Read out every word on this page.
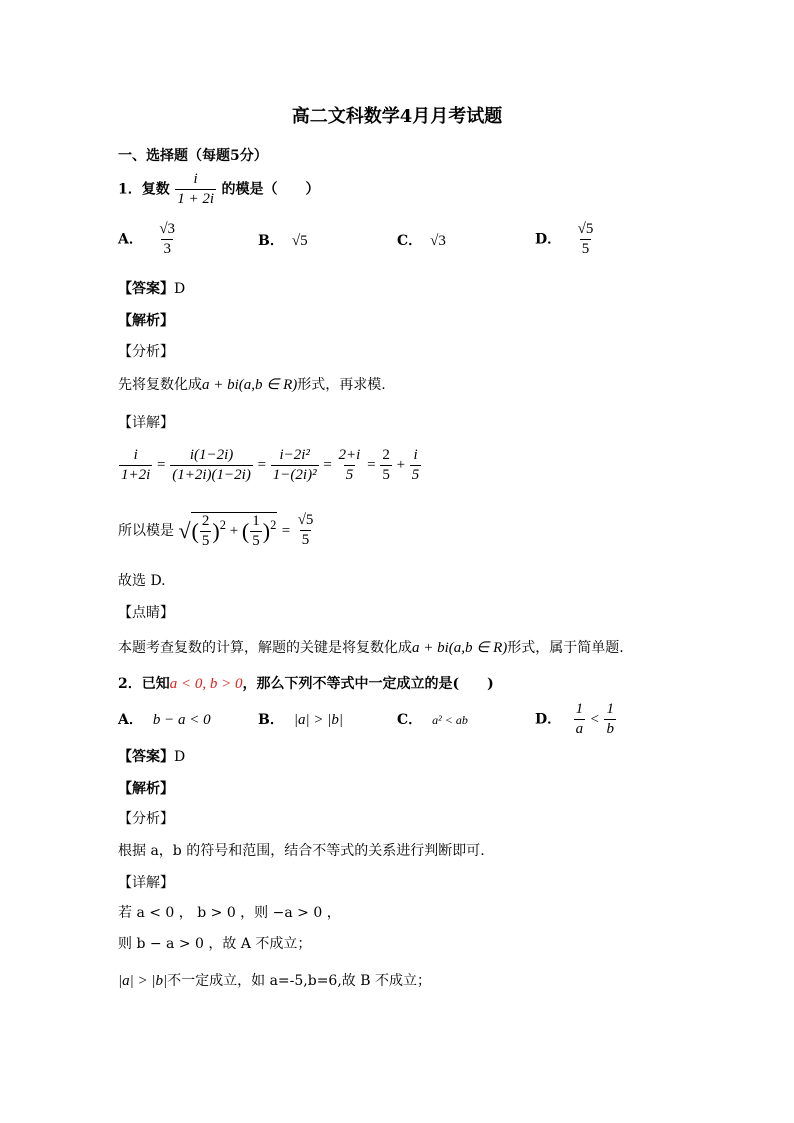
高二文科数学4月月考试题
一、选择题（每题5分）
1．复数 $\frac{i}{1 + 2i}$ 的模是（　　）
A． $\frac{√3}{3}$	B． √5	C． √3	D． $\frac{√5}{5}$
【答案】D
【解析】
【分析】
先将复数化成a + bi(a,b ∈ R)形式，再求模.
【详解】
$\frac{i}{1+2i} = \frac{i(1-2i)}{(1+2i)(1-2i)} = \frac{\text{i−2i²}}{\text{1−(2i)²}} = \frac{2+i}{5} = \frac{2}{5} + \frac{i}{5}$
所以模是 √( $\frac{2}{5} )^2$ + ( $\frac{1}{5} )^2 = \frac{√5}{5}$
故选 D.
【点睛】
本题考查复数的计算，解题的关键是将复数化成a + bi(a,b ∈ R)形式，属于简单题.
2．已知a < 0, b > 0，那么下列不等式中一定成立的是(　　)
A． b − a < 0	B． |a| > |b|	C． a² < ab	D． $\frac{1}{a} < \frac{1}{b}$
【答案】D
【解析】
【分析】
根据 a，b 的符号和范围，结合不等式的关系进行判断即可.
【详解】
若 a < 0 ， b > 0 ，则 −a > 0 ，
则 b − a > 0 ，故 A 不成立；
|a| > |b|不一定成立，如 a=-5,b=6,故 B 不成立；
